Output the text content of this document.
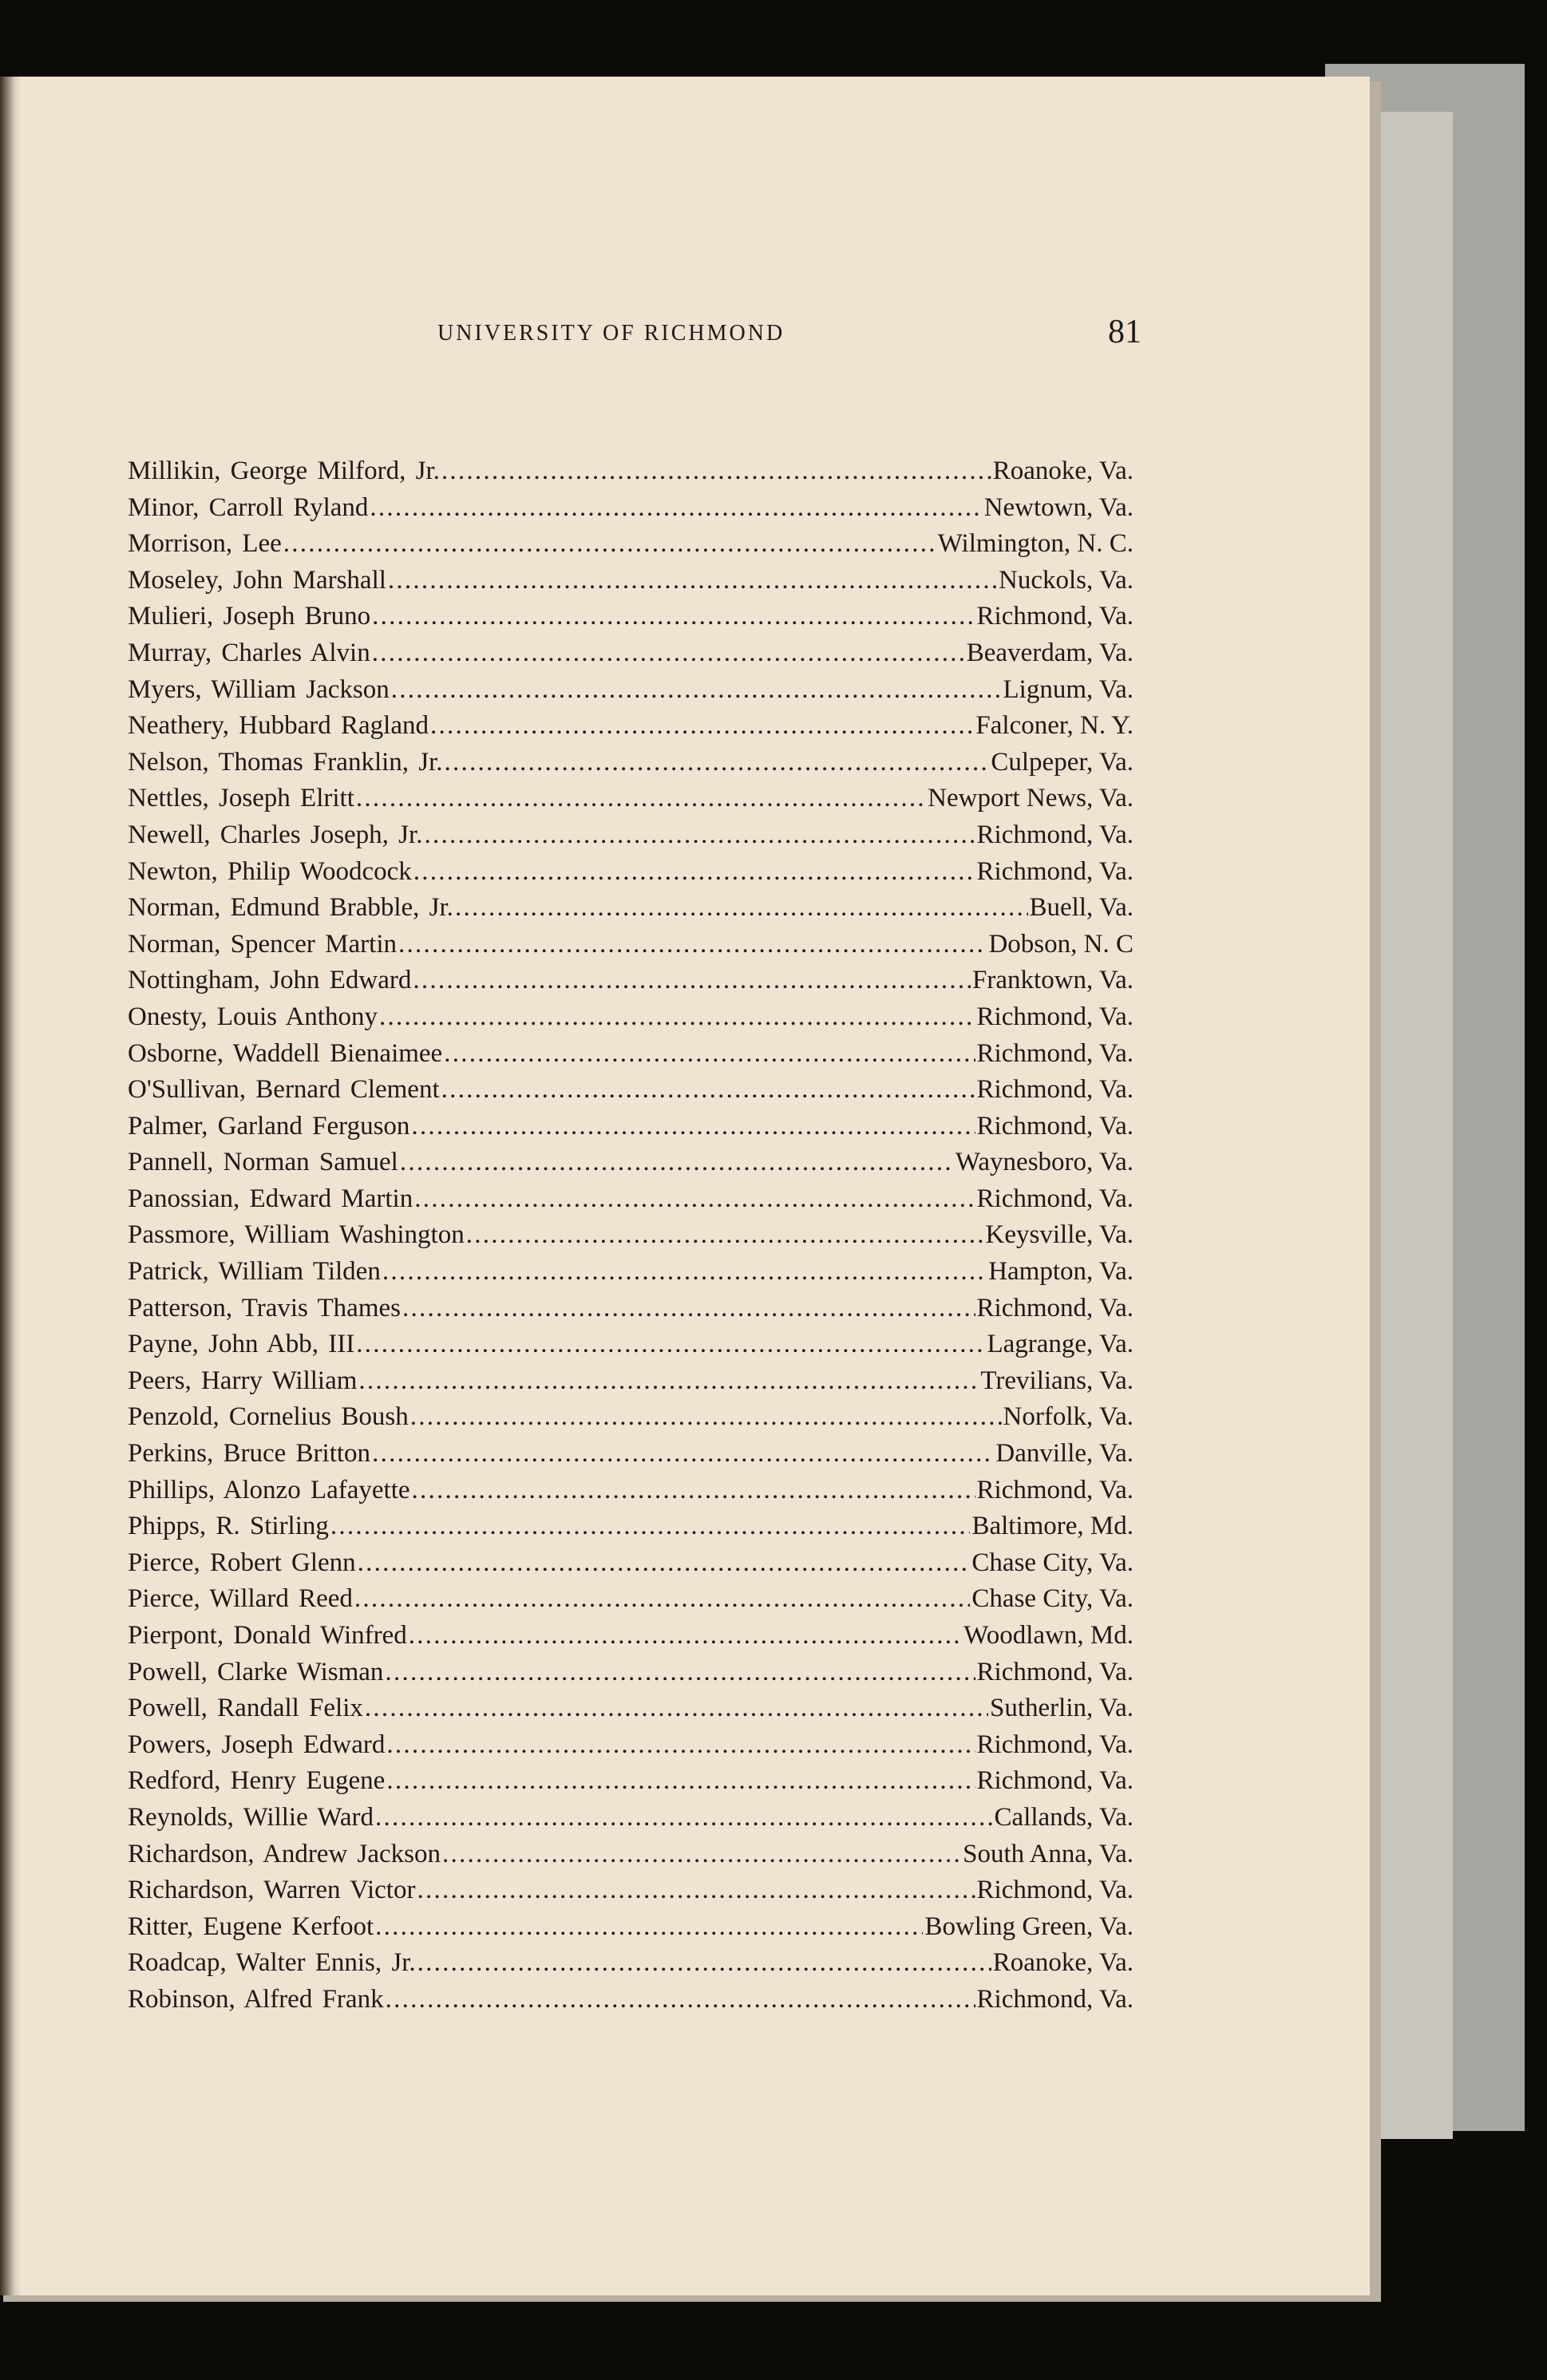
UNIVERSITY OF RICHMOND	81
Millikin, George Milford, Jr. . . .	Roanoke, Va.
Minor, Carroll Ryland . . .	Newtown, Va.
Morrison, Lee . . .	Wilmington, N. C.
Moseley, John Marshall . . .	Nuckols, Va.
Mulieri, Joseph Bruno . . .	Richmond, Va.
Murray, Charles Alvin . . .	Beaverdam, Va.
Myers, William Jackson . . .	Lignum, Va.
Neathery, Hubbard Ragland . . .	Falconer, N. Y.
Nelson, Thomas Franklin, Jr. . . .	Culpeper, Va.
Nettles, Joseph Elritt . . .	Newport News, Va.
Newell, Charles Joseph, Jr. . . .	Richmond, Va.
Newton, Philip Woodcock . . .	Richmond, Va.
Norman, Edmund Brabble, Jr. . . .	Buell, Va.
Norman, Spencer Martin . . .	Dobson, N. C
Nottingham, John Edward . . .	Franktown, Va.
Onesty, Louis Anthony . . .	Richmond, Va.
Osborne, Waddell Bienaimee . . .	Richmond, Va.
O'Sullivan, Bernard Clement . . .	Richmond, Va.
Palmer, Garland Ferguson . . .	Richmond, Va.
Pannell, Norman Samuel . . .	Waynesboro, Va.
Panossian, Edward Martin . . .	Richmond, Va.
Passmore, William Washington . . .	Keysville, Va.
Patrick, William Tilden . . .	Hampton, Va.
Patterson, Travis Thames . . .	Richmond, Va.
Payne, John Abb, III . . .	Lagrange, Va.
Peers, Harry William . . .	Trevilians, Va.
Penzold, Cornelius Boush . . .	Norfolk, Va.
Perkins, Bruce Britton . . .	Danville, Va.
Phillips, Alonzo Lafayette . . .	Richmond, Va.
Phipps, R. Stirling . . .	Baltimore, Md.
Pierce, Robert Glenn . . .	Chase City, Va.
Pierce, Willard Reed . . .	Chase City, Va.
Pierpont, Donald Winfred . . .	Woodlawn, Md.
Powell, Clarke Wisman . . .	Richmond, Va.
Powell, Randall Felix . . .	Sutherlin, Va.
Powers, Joseph Edward . . .	Richmond, Va.
Redford, Henry Eugene . . .	Richmond, Va.
Reynolds, Willie Ward . . .	Callands, Va.
Richardson, Andrew Jackson . . .	South Anna, Va.
Richardson, Warren Victor . . .	Richmond, Va.
Ritter, Eugene Kerfoot . . .	Bowling Green, Va.
Roadcap, Walter Ennis, Jr. . . .	Roanoke, Va.
Robinson, Alfred Frank . . .	Richmond, Va.
